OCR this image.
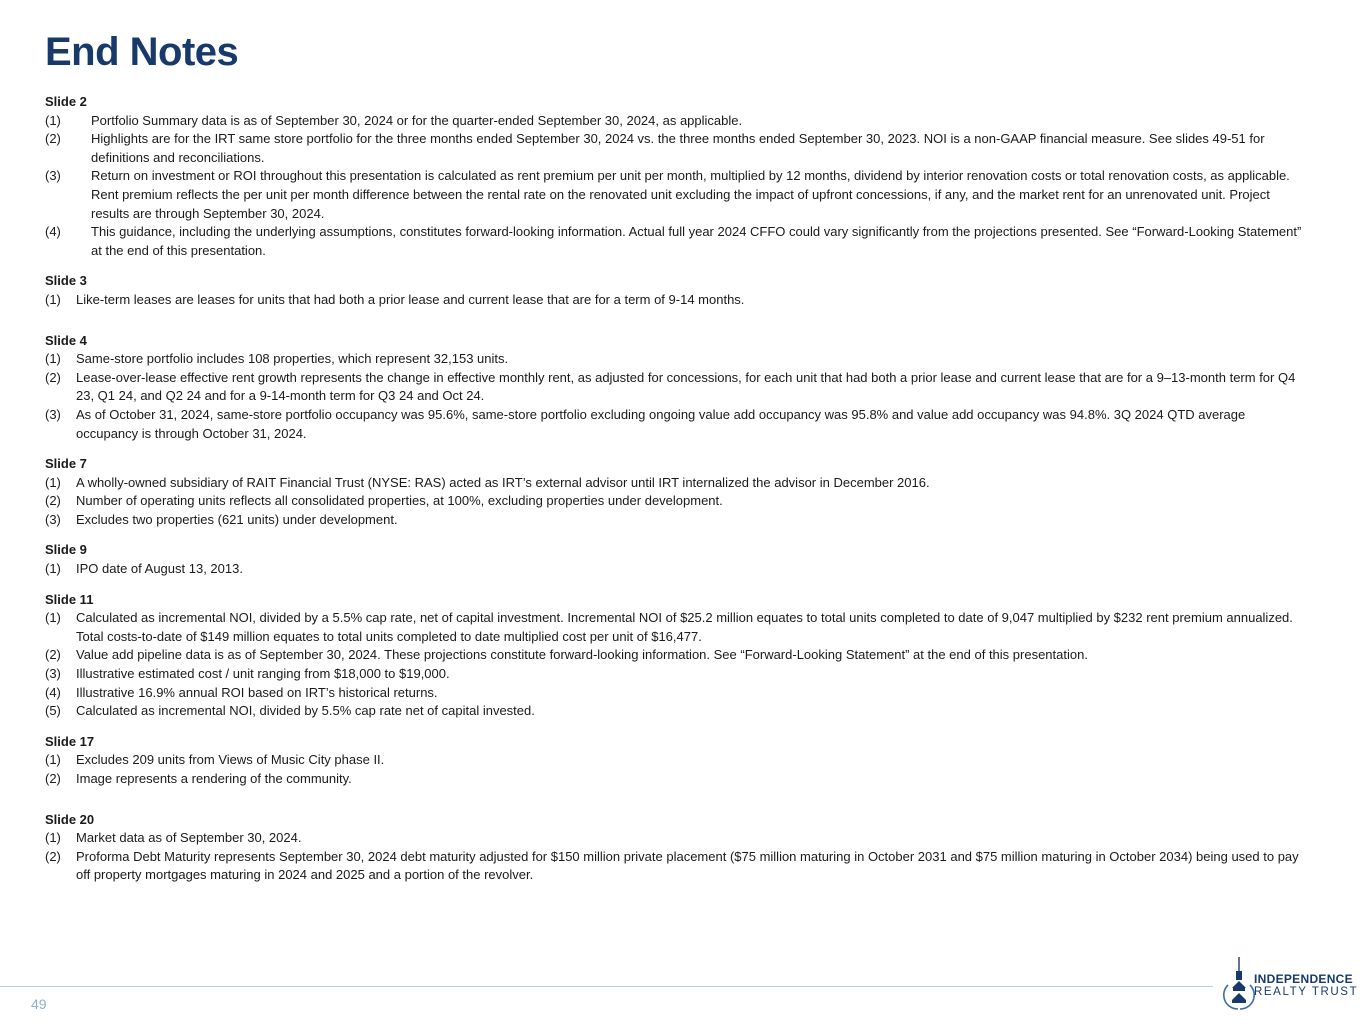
End Notes
Slide 2
(1)	Portfolio Summary data is as of September 30, 2024 or for the quarter-ended September 30, 2024, as applicable.
(2)	Highlights are for the IRT same store portfolio for the three months ended September 30, 2024 vs. the three months ended September 30, 2023. NOI is a non-GAAP financial measure. See slides 49-51 for definitions and reconciliations.
(3)	Return on investment or ROI throughout this presentation is calculated as rent premium per unit per month, multiplied by 12 months, dividend by interior renovation costs or total renovation costs, as applicable. Rent premium reflects the per unit per month difference between the rental rate on the renovated unit excluding the impact of upfront concessions, if any, and the market rent for an unrenovated unit. Project results are through September 30, 2024.
(4)	This guidance, including the underlying assumptions, constitutes forward-looking information. Actual full year 2024 CFFO could vary significantly from the projections presented. See “Forward-Looking Statement” at the end of this presentation.
Slide 3
(1)	Like-term leases are leases for units that had both a prior lease and current lease that are for a term of 9-14 months.
Slide 4
(1)	Same-store portfolio includes 108 properties, which represent 32,153 units.
(2)	Lease-over-lease effective rent growth represents the change in effective monthly rent, as adjusted for concessions, for each unit that had both a prior lease and current lease that are for a 9–13-month term for Q4 23, Q1 24, and Q2 24 and for a 9-14-month term for Q3 24 and Oct 24.
(3)	As of October 31, 2024, same-store portfolio occupancy was 95.6%, same-store portfolio excluding ongoing value add occupancy was 95.8% and value add occupancy was 94.8%. 3Q 2024 QTD average occupancy is through October 31, 2024.
Slide 7
(1)	A wholly-owned subsidiary of RAIT Financial Trust (NYSE: RAS) acted as IRT’s external advisor until IRT internalized the advisor in December 2016.
(2)	Number of operating units reflects all consolidated properties, at 100%, excluding properties under development.
(3)	Excludes two properties (621 units) under development.
Slide 9
(1)	IPO date of August 13, 2013.
Slide 11
(1)	Calculated as incremental NOI, divided by a 5.5% cap rate, net of capital investment. Incremental NOI of $25.2 million equates to total units completed to date of 9,047 multiplied by $232 rent premium annualized. Total costs-to-date of $149 million equates to total units completed to date multiplied cost per unit of $16,477.
(2)	Value add pipeline data is as of September 30, 2024. These projections constitute forward-looking information. See “Forward-Looking Statement” at the end of this presentation.
(3)	Illustrative estimated cost / unit ranging from $18,000 to $19,000.
(4)	Illustrative 16.9% annual ROI based on IRT’s historical returns.
(5)	Calculated as incremental NOI, divided by 5.5% cap rate net of capital invested.
Slide 17
(1)	Excludes 209 units from Views of Music City phase II.
(2)	Image represents a rendering of the community.
Slide 20
(1)	Market data as of September 30, 2024.
(2)	Proforma Debt Maturity represents September 30, 2024 debt maturity adjusted for $150 million private placement ($75 million maturing in October 2031 and $75 million maturing in October 2034) being used to pay off property mortgages maturing in 2024 and 2025 and a portion of the revolver.
49
INDEPENDENCE
REALTY TRUST
